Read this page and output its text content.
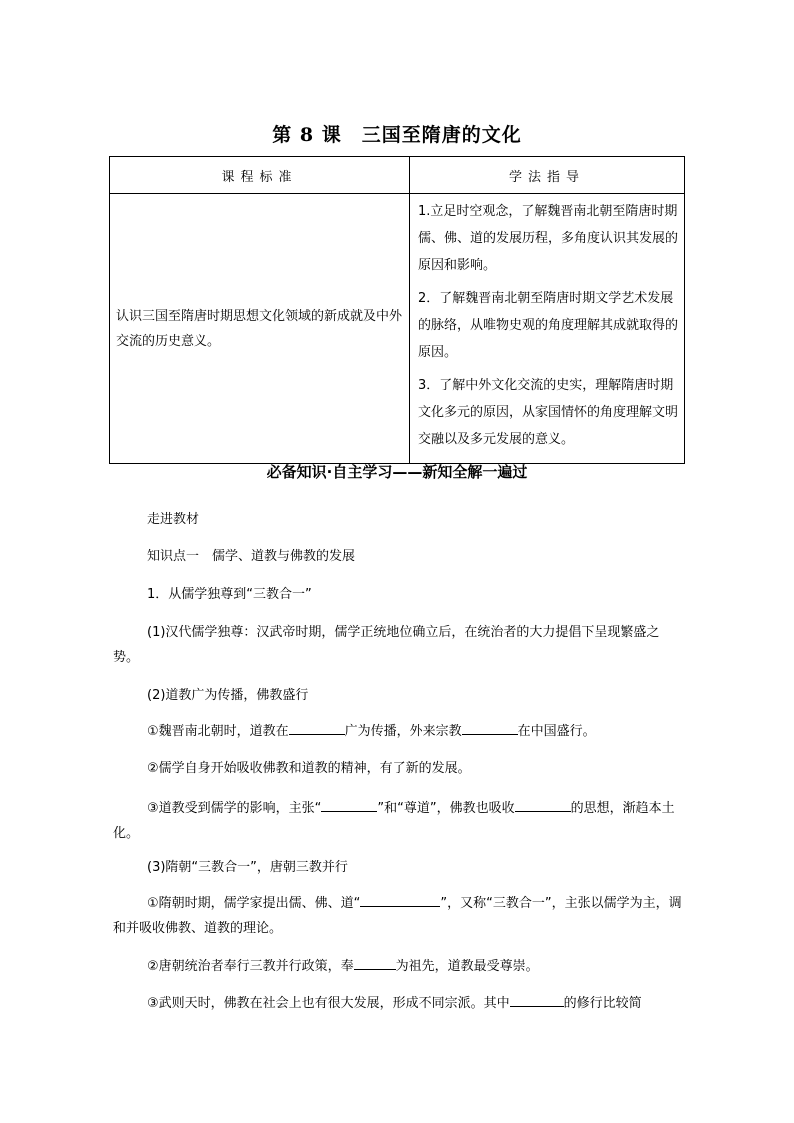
第 8 课　三国至隋唐的文化
课程标准	学法指导
认识三国至隋唐时期思想文化领域的新成就及中外交流的历史意义。	1.立足时空观念，了解魏晋南北朝至隋唐时期儒、佛、道的发展历程，多角度认识其发展的原因和影响。

2．了解魏晋南北朝至隋唐时期文学艺术发展的脉络，从唯物史观的角度理解其成就取得的原因。

3．了解中外文化交流的史实，理解隋唐时期文化多元的原因，从家国情怀的角度理解文明交融以及多元发展的意义。

必备知识·自主学习——新知全解一遍过
走进教材
知识点一　儒学、道教与佛教的发展
1．从儒学独尊到“三教合一”
(1)汉代儒学独尊：汉武帝时期，儒学正统地位确立后，在统治者的大力提倡下呈现繁盛之势。
(2)道教广为传播，佛教盛行
①魏晋南北朝时，道教在	广为传播，外来宗教	在中国盛行。
②儒学自身开始吸收佛教和道教的精神，有了新的发展。
③道教受到儒学的影响，主张“	”和“尊道”，佛教也吸收	的思想，渐趋本土化。
(3)隋朝“三教合一”，唐朝三教并行
①隋朝时期，儒学家提出儒、佛、道“	”，又称“三教合一”，主张以儒学为主，调和并吸收佛教、道教的理论。
②唐朝统治者奉行三教并行政策，奉	为祖先，道教最受尊崇。
③武则天时，佛教在社会上也有很大发展，形成不同宗派。其中	的修行比较简
